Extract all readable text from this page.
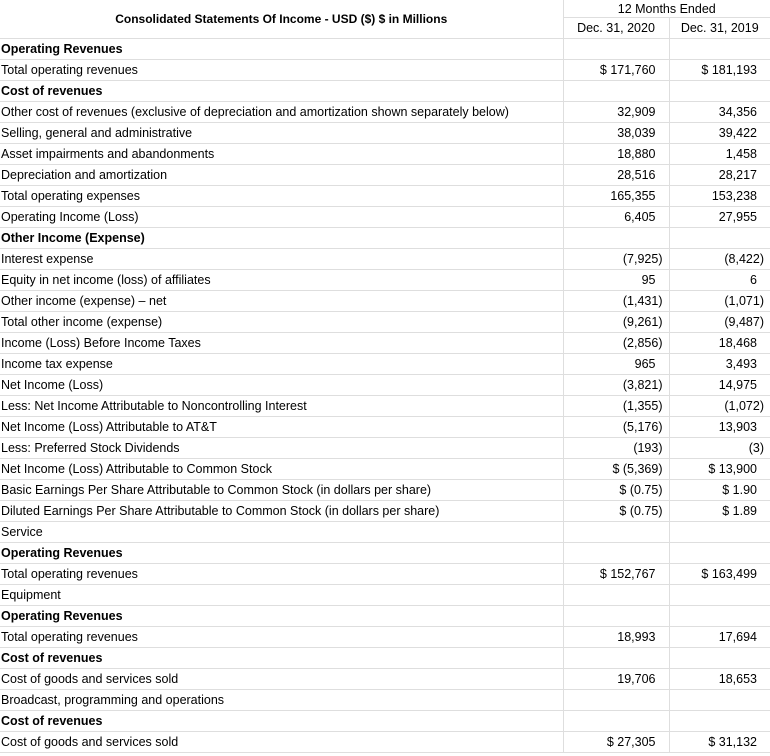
Consolidated Statements Of Income - USD ($) $ in Millions	12 Months Ended	
	Dec. 31, 2020	Dec. 31, 2019
Operating Revenues		
Total operating revenues	$ 171,760	$ 181,193
Cost of revenues		
Other cost of revenues (exclusive of depreciation and amortization shown separately below)	32,909	34,356
Selling, general and administrative	38,039	39,422
Asset impairments and abandonments	18,880	1,458
Depreciation and amortization	28,516	28,217
Total operating expenses	165,355	153,238
Operating Income (Loss)	6,405	27,955
Other Income (Expense)		
Interest expense	(7,925)	(8,422)
Equity in net income (loss) of affiliates	95	6
Other income (expense) – net	(1,431)	(1,071)
Total other income (expense)	(9,261)	(9,487)
Income (Loss) Before Income Taxes	(2,856)	18,468
Income tax expense	965	3,493
Net Income (Loss)	(3,821)	14,975
Less: Net Income Attributable to Noncontrolling Interest	(1,355)	(1,072)
Net Income (Loss) Attributable to AT&T	(5,176)	13,903
Less: Preferred Stock Dividends	(193)	(3)
Net Income (Loss) Attributable to Common Stock	$ (5,369)	$ 13,900
Basic Earnings Per Share Attributable to Common Stock (in dollars per share)	$ (0.75)	$ 1.90
Diluted Earnings Per Share Attributable to Common Stock (in dollars per share)	$ (0.75)	$ 1.89
Service		
Operating Revenues		
Total operating revenues	$ 152,767	$ 163,499
Equipment		
Operating Revenues		
Total operating revenues	18,993	17,694
Cost of revenues		
Cost of goods and services sold	19,706	18,653
Broadcast, programming and operations		
Cost of revenues		
Cost of goods and services sold	$ 27,305	$ 31,132
